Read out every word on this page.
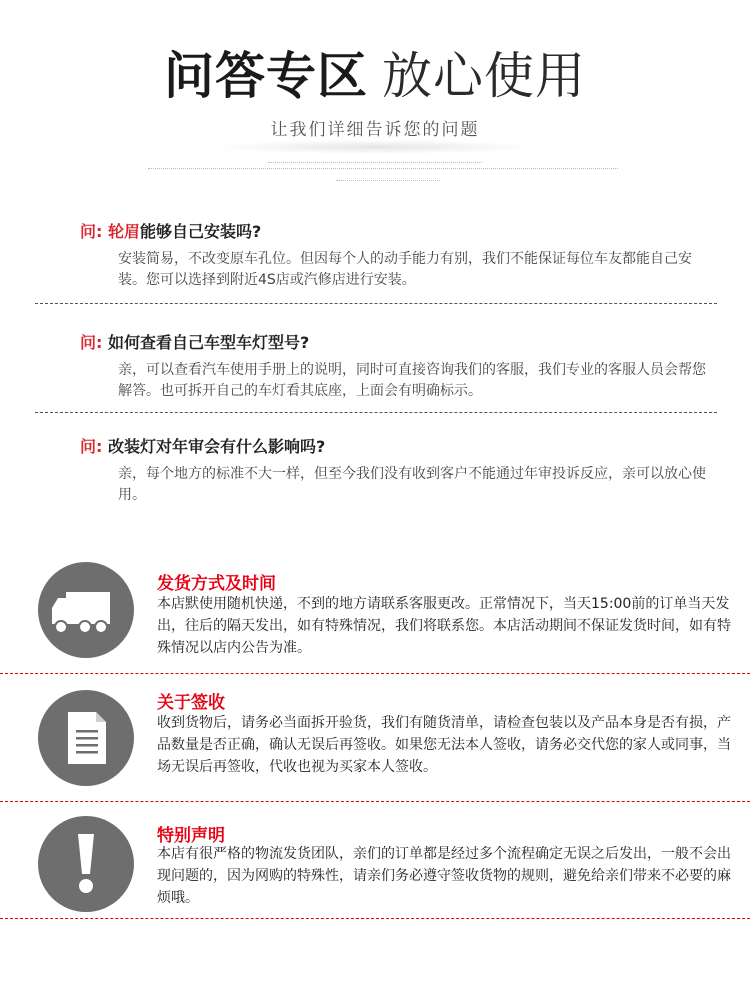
问答专区 放心使用
让我们详细告诉您的问题
问: 轮眉能够自己安装吗?
安装简易，不改变原车孔位。但因每个人的动手能力有别，我们不能保证每位车友都能自己安装。您可以选择到附近4S店或汽修店进行安装。
问: 如何查看自己车型车灯型号?
亲，可以查看汽车使用手册上的说明，同时可直接咨询我们的客服，我们专业的客服人员会帮您解答。也可拆开自己的车灯看其底座，上面会有明确标示。
问: 改装灯对年审会有什么影响吗?
亲，每个地方的标准不大一样，但至今我们没有收到客户不能通过年审投诉反应，亲可以放心使用。
发货方式及时间
本店默使用随机快递，不到的地方请联系客服更改。正常情况下，当天15:00前的订单当天发出，往后的隔天发出，如有特殊情况，我们将联系您。本店活动期间不保证发货时间，如有特殊情况以店内公告为准。
关于签收
收到货物后，请务必当面拆开验货，我们有随货清单，请检查包装以及产品本身是否有损，产品数量是否正确，确认无误后再签收。如果您无法本人签收，请务必交代您的家人或同事，当场无误后再签收，代收也视为买家本人签收。
特别声明
本店有很严格的物流发货团队，亲们的订单都是经过多个流程确定无误之后发出，一般不会出现问题的，因为网购的特殊性，请亲们务必遵守签收货物的规则，避免给亲们带来不必要的麻烦哦。
